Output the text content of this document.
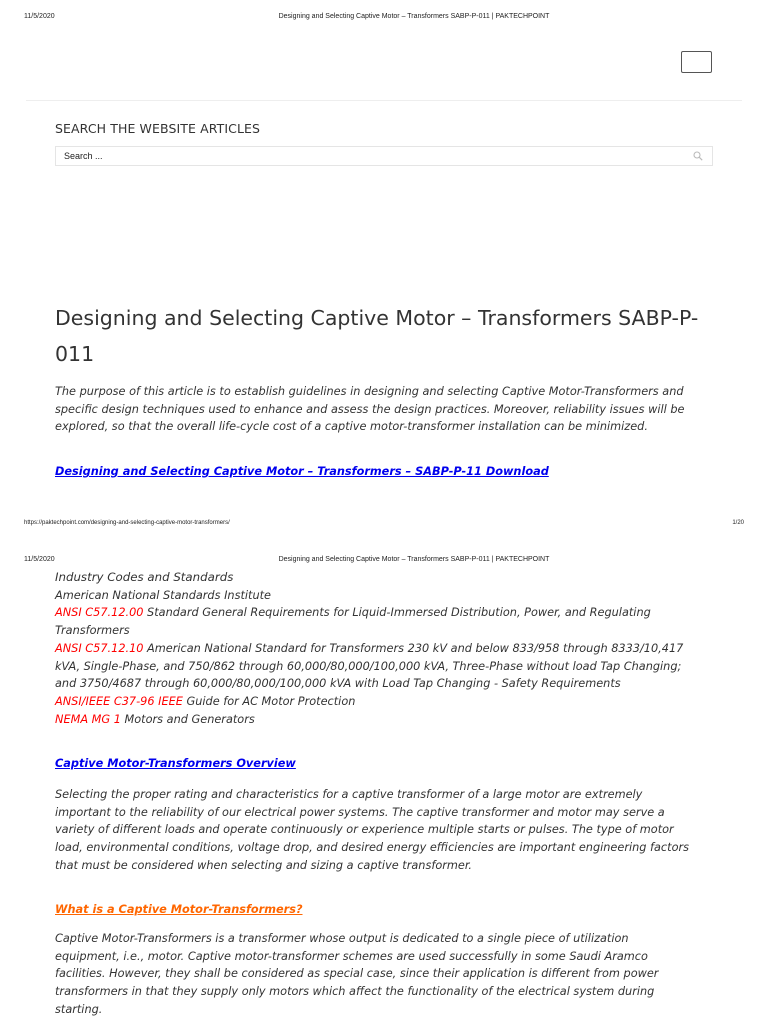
11/5/2020	Designing and Selecting Captive Motor – Transformers SABP-P-011 | PAKTECHPOINT
SEARCH THE WEBSITE ARTICLES
Search ...
Designing and Selecting Captive Motor – Transformers SABP-P-011
The purpose of this article is to establish guidelines in designing and selecting Captive Motor-Transformers and
specific design techniques used to enhance and assess the design practices. Moreover, reliability issues will be
explored, so that the overall life-cycle cost of a captive motor-transformer installation can be minimized.
Designing and Selecting Captive Motor – Transformers – SABP-P-11 Download
https://paktechpoint.com/designing-and-selecting-captive-motor-transformers/	1/20
11/5/2020	Designing and Selecting Captive Motor – Transformers SABP-P-011 | PAKTECHPOINT
Industry Codes and Standards
American National Standards Institute
ANSI C57.12.00 Standard General Requirements for Liquid-Immersed Distribution, Power, and Regulating
Transformers
ANSI C57.12.10 American National Standard for Transformers 230 kV and below 833/958 through 8333/10,417
kVA, Single-Phase, and 750/862 through 60,000/80,000/100,000 kVA, Three-Phase without load Tap Changing;
and 3750/4687 through 60,000/80,000/100,000 kVA with Load Tap Changing - Safety Requirements
ANSI/IEEE C37-96 IEEE Guide for AC Motor Protection
NEMA MG 1 Motors and Generators
Captive Motor-Transformers Overview
Selecting the proper rating and characteristics for a captive transformer of a large motor are extremely
important to the reliability of our electrical power systems. The captive transformer and motor may serve a
variety of different loads and operate continuously or experience multiple starts or pulses. The type of motor
load, environmental conditions, voltage drop, and desired energy efficiencies are important engineering factors
that must be considered when selecting and sizing a captive transformer.
What is a Captive Motor-Transformers?
Captive Motor-Transformers is a transformer whose output is dedicated to a single piece of utilization
equipment, i.e., motor. Captive motor-transformer schemes are used successfully in some Saudi Aramco
facilities. However, they shall be considered as special case, since their application is different from power
transformers in that they supply only motors which affect the functionality of the electrical system during
starting.
